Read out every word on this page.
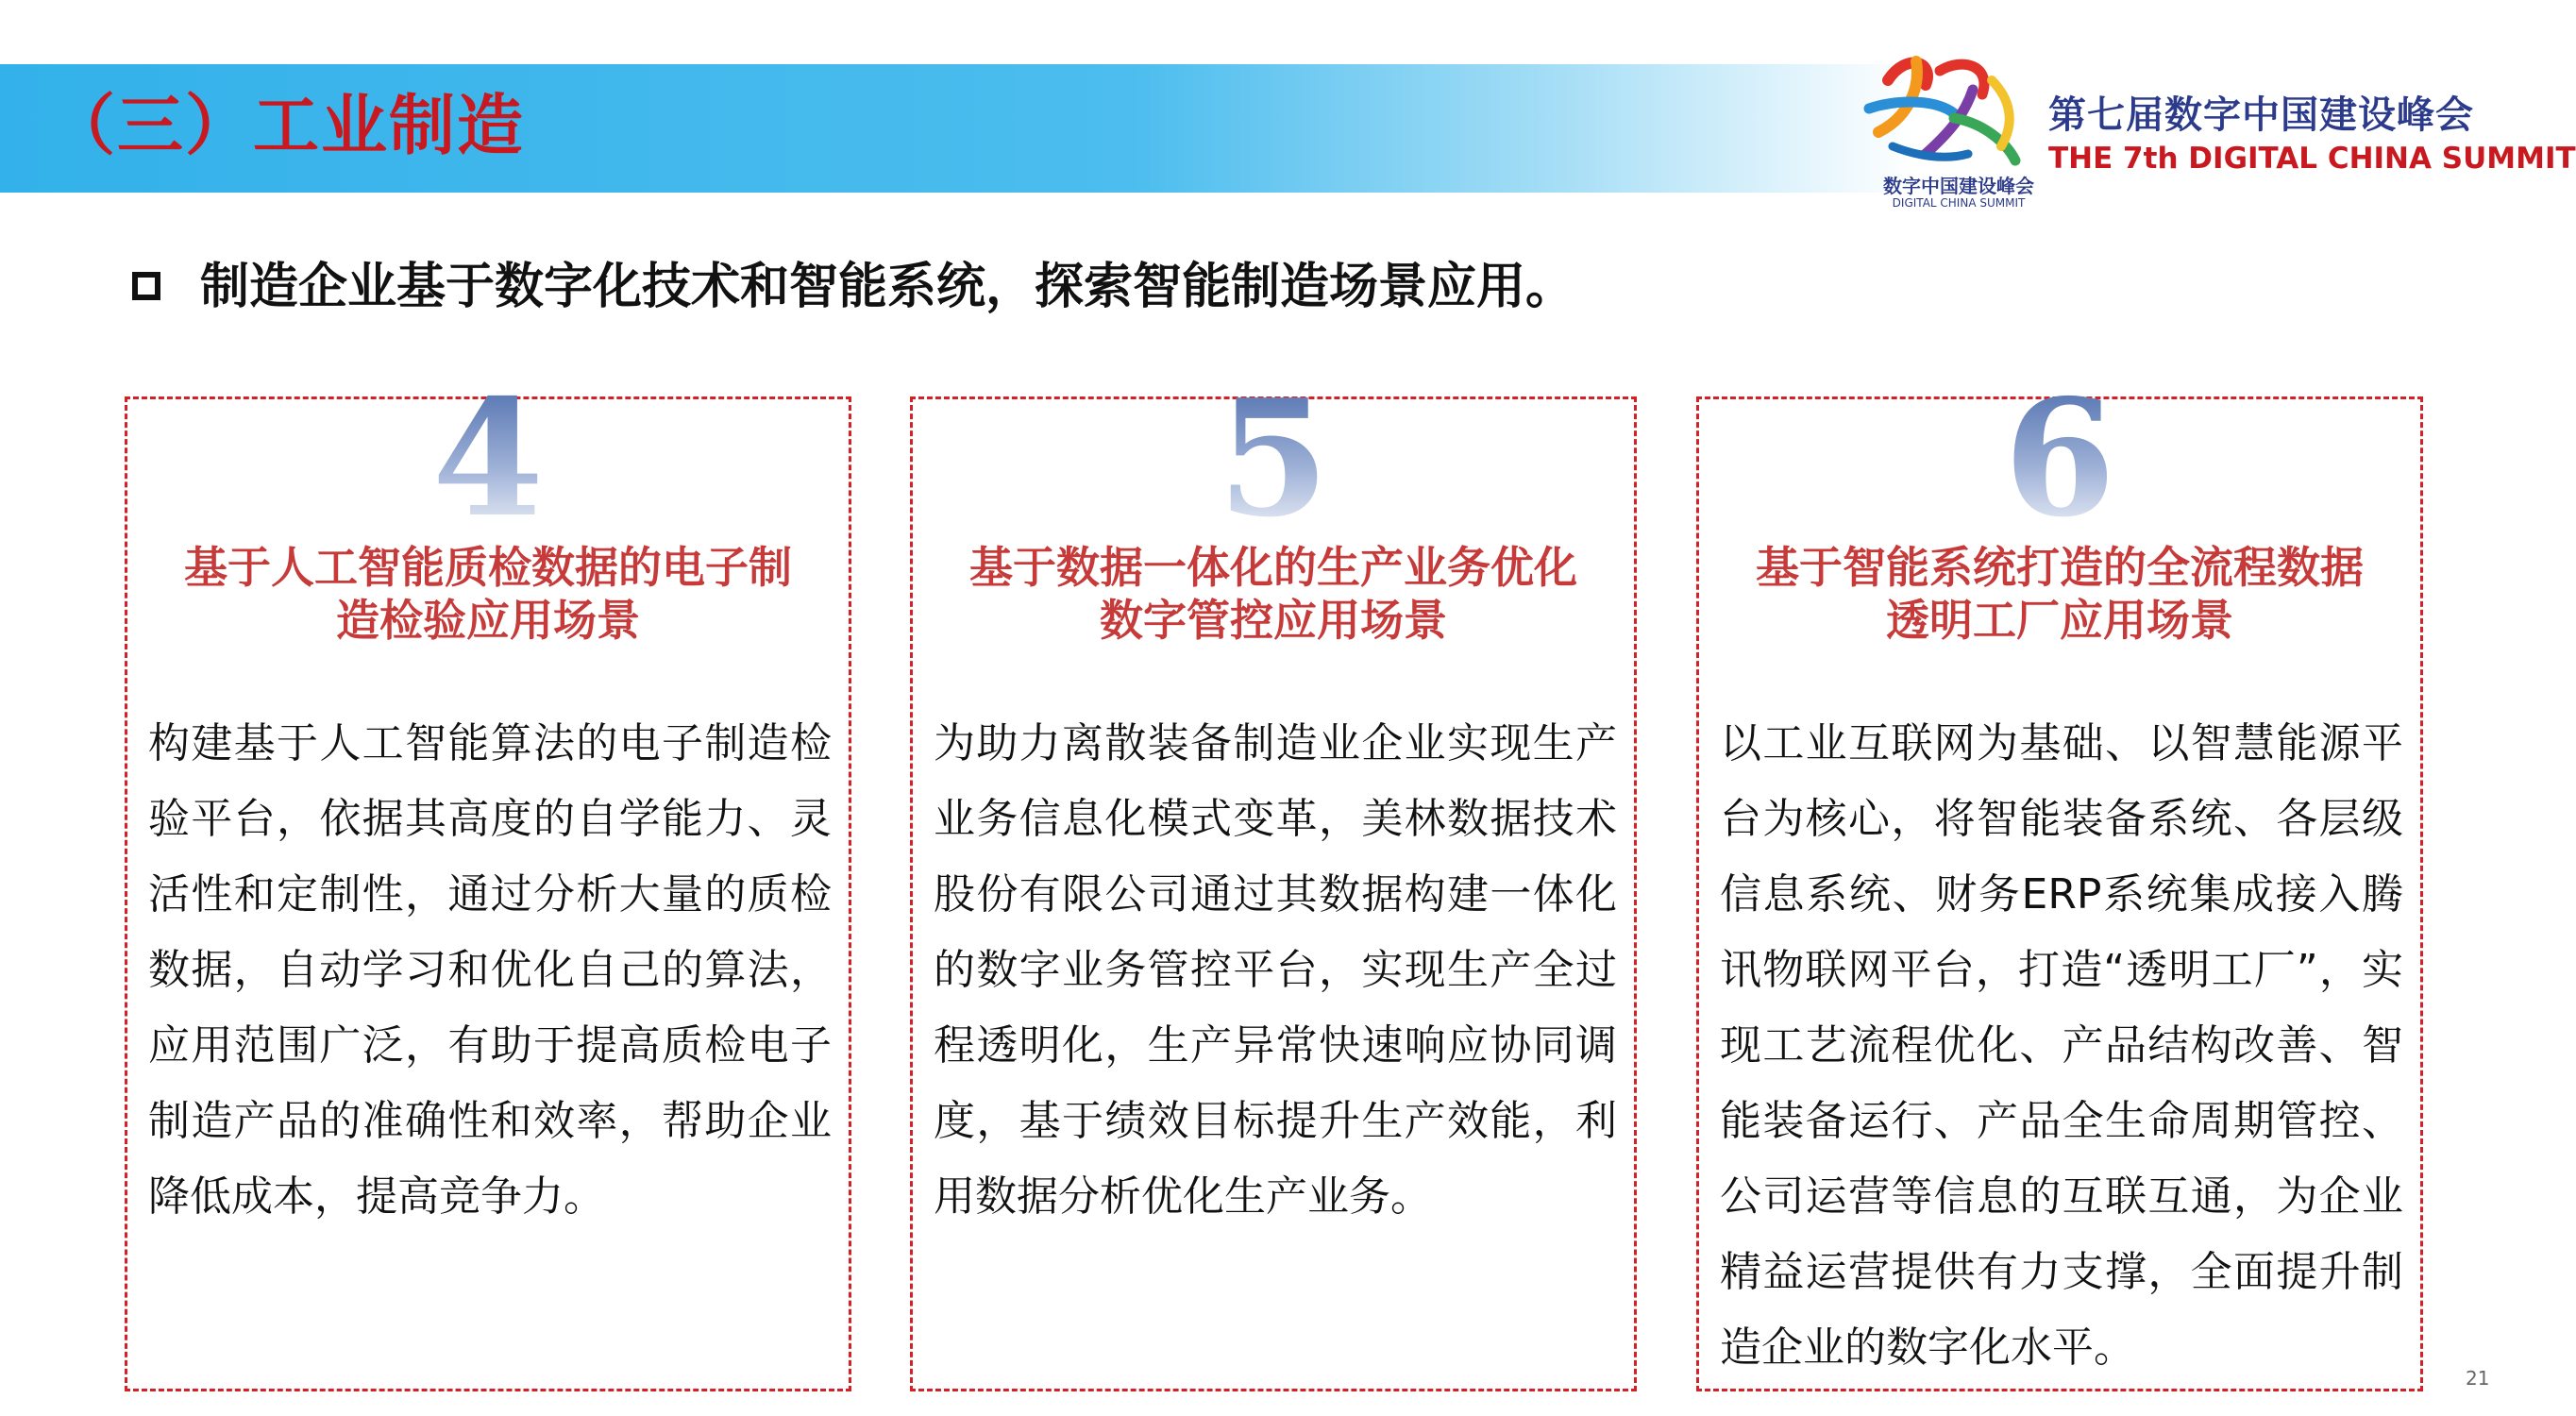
（三）工业制造
数字中国建设峰会
DIGITAL CHINA SUMMIT
第七届数字中国建设峰会
THE 7th DIGITAL CHINA SUMMIT
制造企业基于数字化技术和智能系统，探索智能制造场景应用。
4
基于人工智能质检数据的电子制造检验应用场景
构建基于人工智能算法的电子制造检验平台，依据其高度的自学能力、灵活性和定制性，通过分析大量的质检数据，自动学习和优化自己的算法，应用范围广泛，有助于提高质检电子制造产品的准确性和效率，帮助企业降低成本，提高竞争力。
5
基于数据一体化的生产业务优化数字管控应用场景
为助力离散装备制造业企业实现生产业务信息化模式变革，美林数据技术股份有限公司通过其数据构建一体化的数字业务管控平台，实现生产全过程透明化，生产异常快速响应协同调度，基于绩效目标提升生产效能，利用数据分析优化生产业务。
6
基于智能系统打造的全流程数据透明工厂应用场景
以工业互联网为基础、以智慧能源平台为核心，将智能装备系统、各层级信息系统、财务ERP系统集成接入腾讯物联网平台，打造“透明工厂”，实现工艺流程优化、产品结构改善、智能装备运行、产品全生命周期管控、公司运营等信息的互联互通，为企业精益运营提供有力支撑，全面提升制造企业的数字化水平。
21
